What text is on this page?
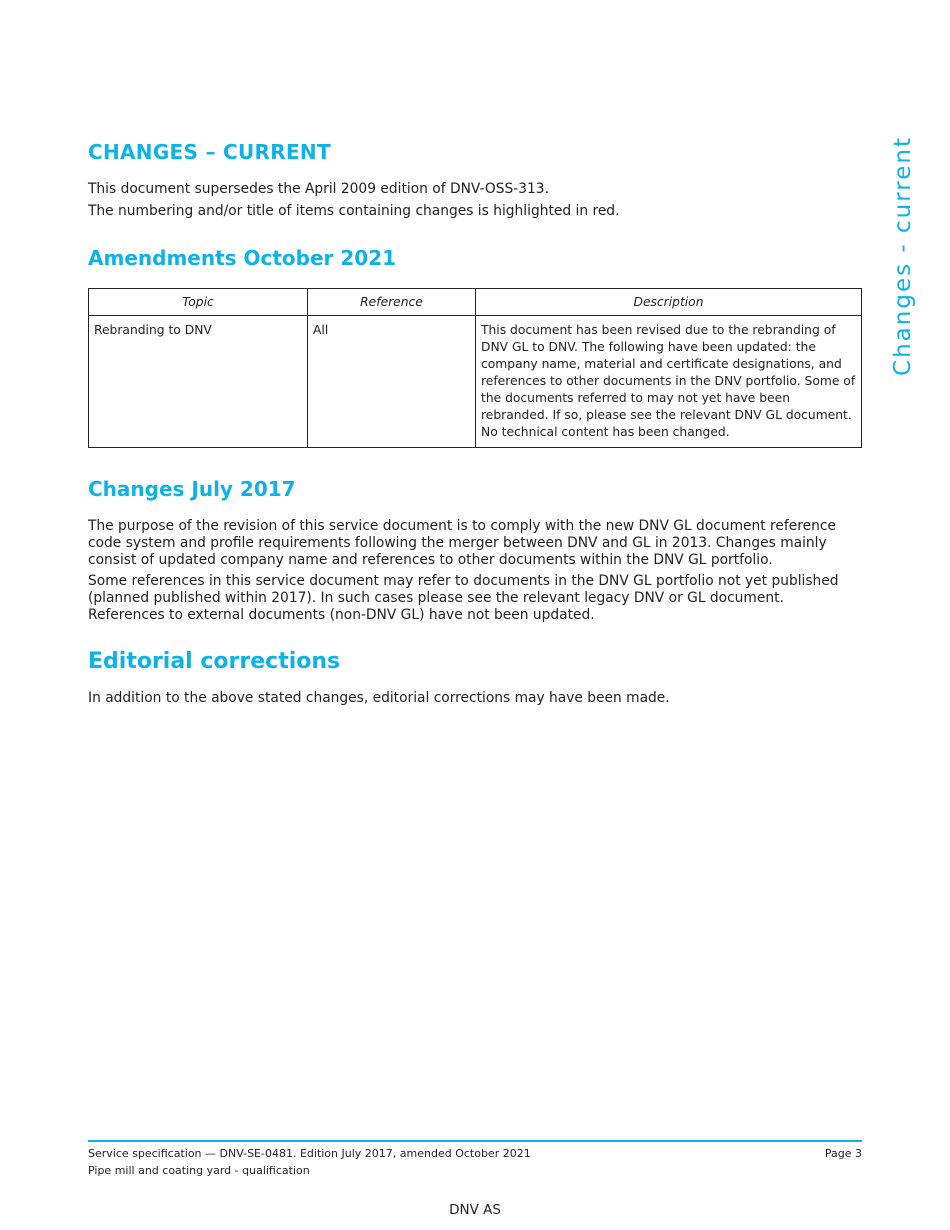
Changes - current
CHANGES – CURRENT

This document supersedes the April 2009 edition of DNV-OSS-313.

The numbering and/or title of items containing changes is highlighted in red.

Amendments October 2021
Topic	Reference	Description
Rebranding to DNV	All	This document has been revised due to the rebranding of DNV GL to DNV. The following have been updated: the company name, material and certificate designations, and references to other documents in the DNV portfolio. Some of the documents referred to may not yet have been rebranded. If so, please see the relevant DNV GL document. No technical content has been changed.
Changes July 2017

The purpose of the revision of this service document is to comply with the new DNV GL document reference code system and profile requirements following the merger between DNV and GL in 2013. Changes mainly consist of updated company name and references to other documents within the DNV GL portfolio.

Some references in this service document may refer to documents in the DNV GL portfolio not yet published (planned published within 2017). In such cases please see the relevant legacy DNV or GL document. References to external documents (non-DNV GL) have not been updated.

Editorial corrections

In addition to the above stated changes, editorial corrections may have been made.

Service specification — DNV-SE-0481. Edition July 2017, amended October 2021	Page 3
Pipe mill and coating yard - qualification
DNV AS
